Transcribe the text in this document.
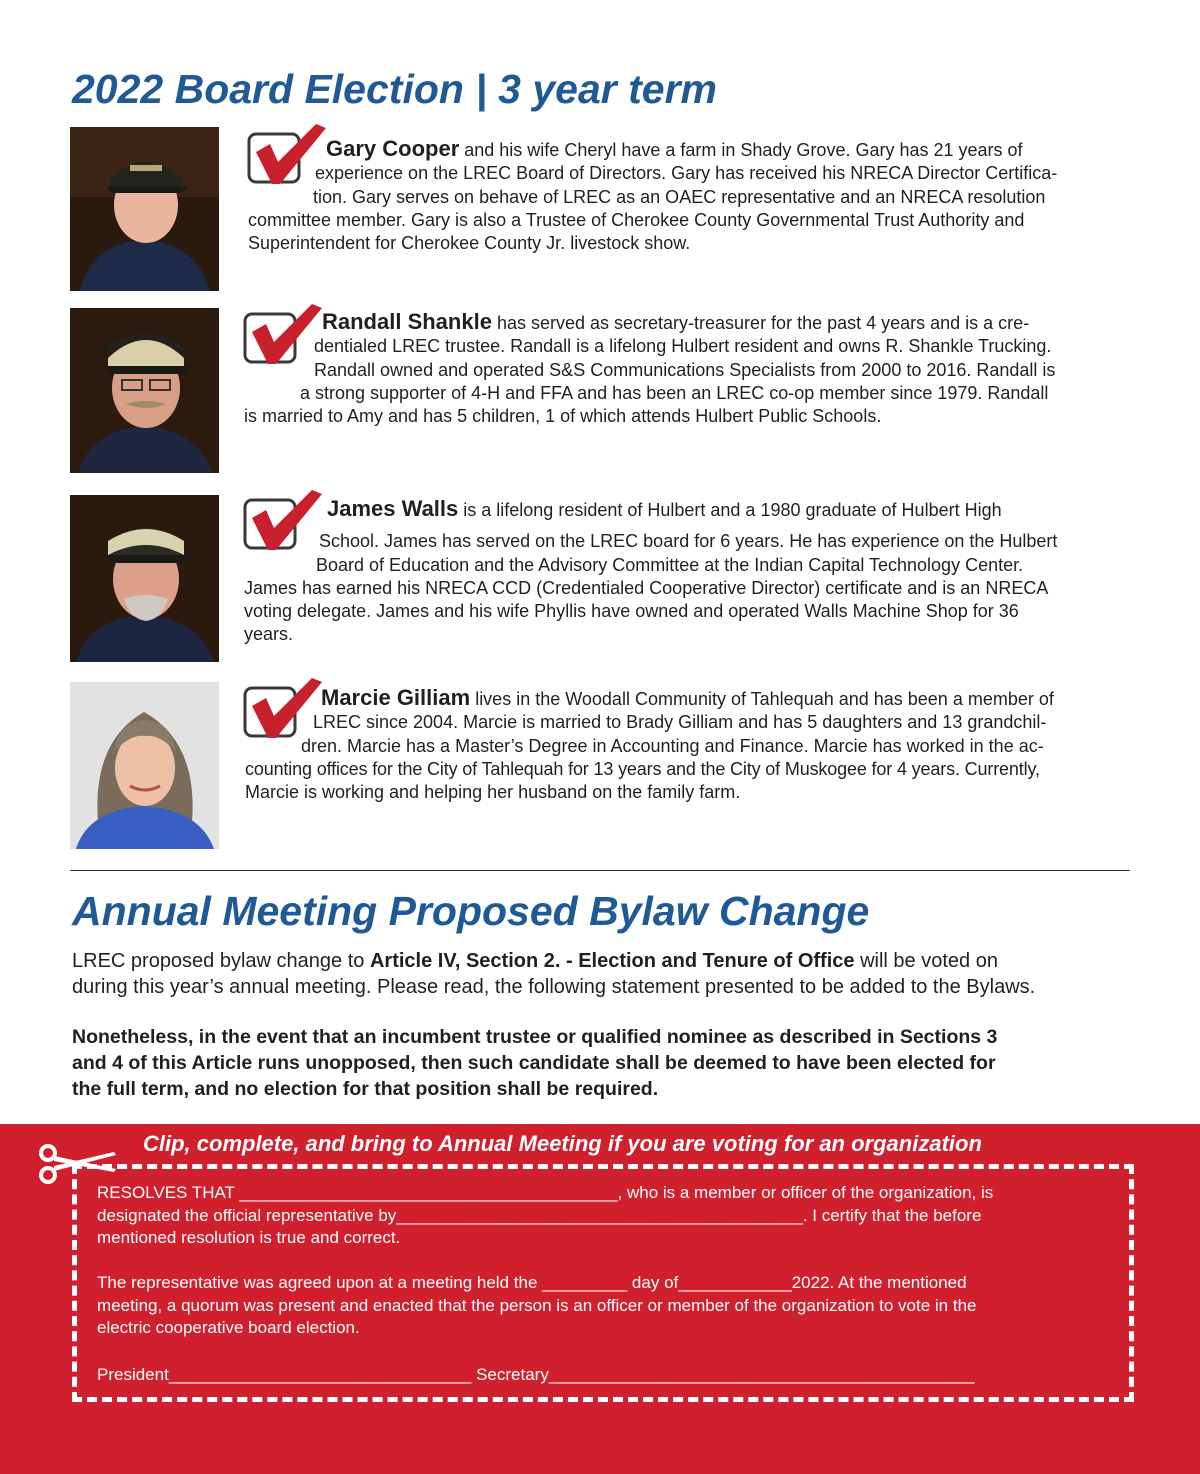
2022 Board Election | 3 year term
Gary Cooper and his wife Cheryl have a farm in Shady Grove. Gary has 21 years of
experience on the LREC Board of Directors. Gary has received his NRECA Director Certifica-
tion. Gary serves on behave of LREC as an OAEC representative and an NRECA resolution
committee member. Gary is also a Trustee of Cherokee County Governmental Trust Authority and
Superintendent for Cherokee County Jr. livestock show.
Randall Shankle has served as secretary-treasurer for the past 4 years and is a cre-
dentialed LREC trustee. Randall is a lifelong Hulbert resident and owns R. Shankle Trucking.
Randall owned and operated S&S Communications Specialists from 2000 to 2016. Randall is
a strong supporter of 4-H and FFA and has been an LREC co-op member since 1979. Randall
is married to Amy and has 5 children, 1 of which attends Hulbert Public Schools.
James Walls is a lifelong resident of Hulbert and a 1980 graduate of Hulbert High
School. James has served on the LREC board for 6 years. He has experience on the Hulbert
Board of Education and the Advisory Committee at the Indian Capital Technology Center.
James has earned his NRECA CCD (Credentialed Cooperative Director) certificate and is an NRECA
voting delegate. James and his wife Phyllis have owned and operated Walls Machine Shop for 36
years.
Marcie Gilliam lives in the Woodall Community of Tahlequah and has been a member of
LREC since 2004. Marcie is married to Brady Gilliam and has 5 daughters and 13 grandchil-
dren. Marcie has a Master’s Degree in Accounting and Finance. Marcie has worked in the ac-
counting offices for the City of Tahlequah for 13 years and the City of Muskogee for 4 years. Currently,
Marcie is working and helping her husband on the family farm.
Annual Meeting Proposed Bylaw Change
LREC proposed bylaw change to Article IV, Section 2. - Election and Tenure of Office will be voted on
during this year’s annual meeting. Please read, the following statement presented to be added to the Bylaws.
Nonetheless, in the event that an incumbent trustee or qualified nominee as described in Sections 3
and 4 of this Article runs unopposed, then such candidate shall be deemed to have been elected for
the full term, and no election for that position shall be required.
Clip, complete, and bring to Annual Meeting if you are voting for an organization
RESOLVES THAT ________________________________________, who is a member or officer of the organization, is
designated the official representative by___________________________________________. I certify that the before
mentioned resolution is true and correct.
The representative was agreed upon at a meeting held the _________ day of____________2022. At the mentioned
meeting, a quorum was present and enacted that the person is an officer or member of the organization to vote in the
electric cooperative board election.
President________________________________ Secretary_____________________________________________
